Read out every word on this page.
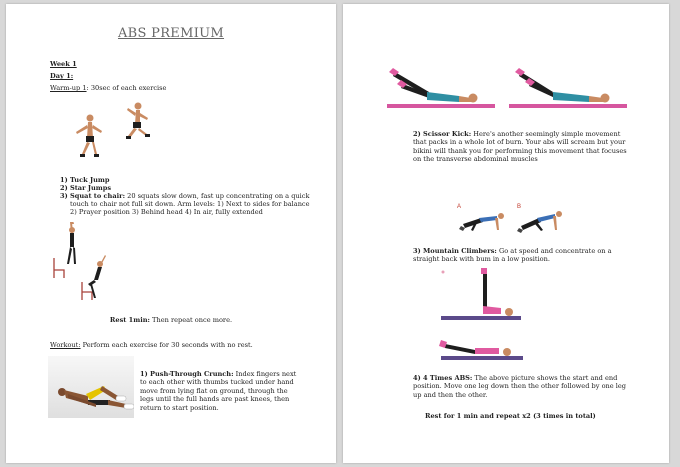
ABS PREMIUM
Week 1
Day 1:
Warm-up 1: 30sec of each exercise
1) Tuck Jump
2) Star Jumps
3) Squat to chair: 20 squats slow down, fast up concentrating on a quick
touch to chair not full sit down. Arm levels: 1) Next to sides for balance
2) Prayer position 3) Behind head 4) In air, fully extended
Rest 1min: Then repeat once more.
Workout: Perform each exercise for 30 seconds with no rest.
1) Push-Through Crunch: Index fingers next to each other with thumbs tucked under hand move from lying flat on ground, through the legs until the full hands are past knees, then return to start position.
2) Scissor Kick: Here's another seemingly simple movement that packs in a whole lot of burn. Your abs will scream but your bikini will thank you for performing this movement that focuses on the transverse abdominal muscles
A	B
3) Mountain Climbers: Go at speed and concentrate on a straight back with bum in a low position.
4) 4 Times ABS: The above picture shows the start and end position. Move one leg down then the other followed by one leg up and then the other.
Rest for 1 min and repeat x2 (3 times in total)
